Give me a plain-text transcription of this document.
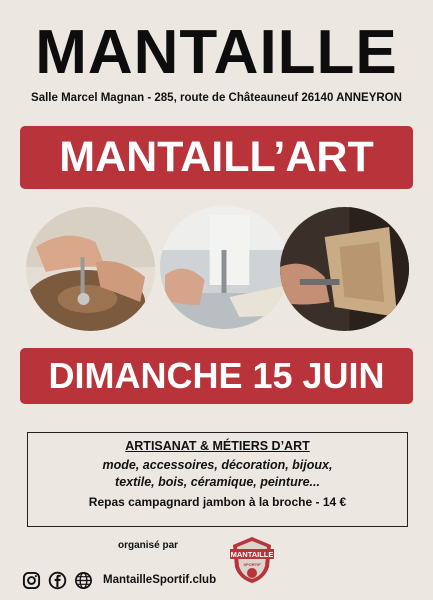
MANTAILLE
Salle Marcel Magnan - 285, route de Châteauneuf 26140 ANNEYRON
MANTAILL’ART
DIMANCHE 15 JUIN
ARTISANAT & MÉTIERS D’ART
mode, accessoires, décoration, bijoux,
textile, bois, céramique, peinture...
Repas campagnard jambon à la broche - 14 €
organisé par
MANTAILLE
SPORTIF
MantailleSportif.club
